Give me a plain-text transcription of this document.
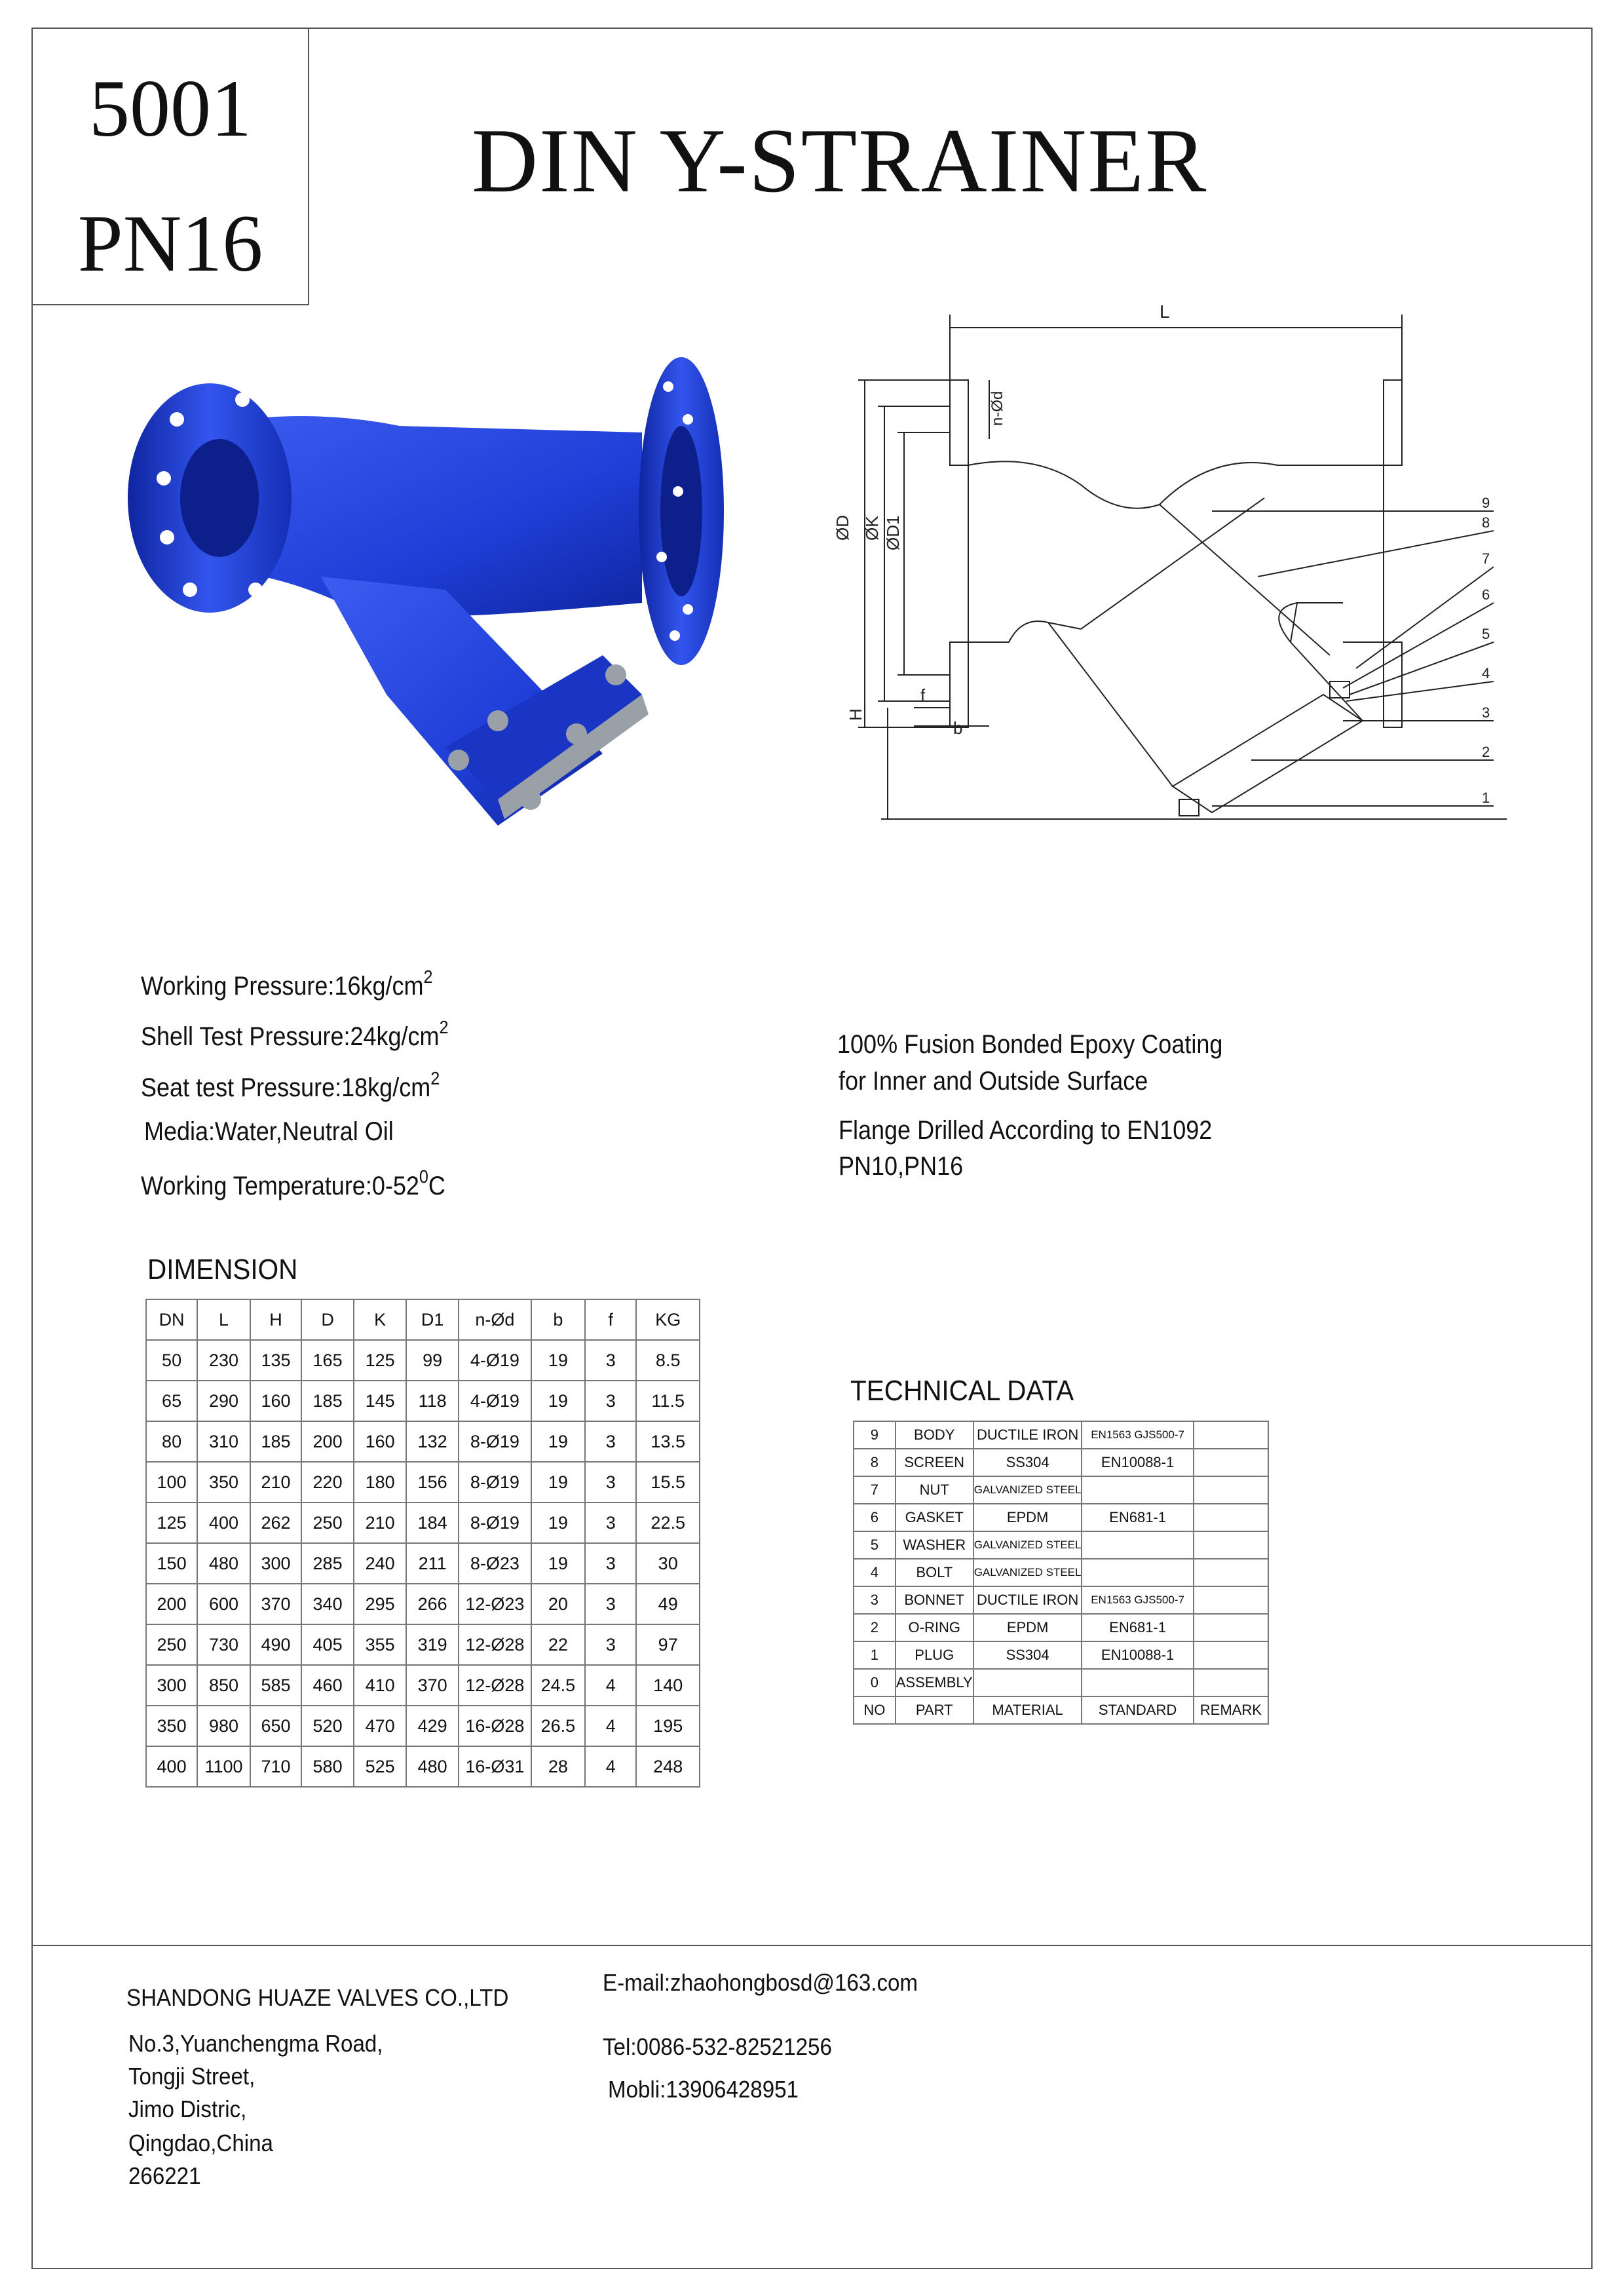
5001
PN16
DIN Y-STRAINER
L
ØD ØK ØD1
n-Ød
H
f
b
9
8
7
6
5
4
3
2
1
Working $Pressure:16kg/cm^2$
Shell Test $Pressure:24kg/cm^2$
Seat test $Pressure:18kg/cm^2$
Media:Water,Neutral Oil
Working $Temperature:0-52^0C$
100% Fusion Bonded Epoxy Coating
for Inner and Outside Surface
Flange Drilled According to EN1092
PN10,PN16
DIMENSION
DN	L	H	D	K	D1	n-Ød	b	f	KG
50	230	135	165	125	99	4-Ø19	19	3	8.5
65	290	160	185	145	118	4-Ø19	19	3	11.5
80	310	185	200	160	132	8-Ø19	19	3	13.5
100	350	210	220	180	156	8-Ø19	19	3	15.5
125	400	262	250	210	184	8-Ø19	19	3	22.5
150	480	300	285	240	211	8-Ø23	19	3	30
200	600	370	340	295	266	12-Ø23	20	3	49
250	730	490	405	355	319	12-Ø28	22	3	97
300	850	585	460	410	370	12-Ø28	24.5	4	140
350	980	650	520	470	429	16-Ø28	26.5	4	195
400	1100	710	580	525	480	16-Ø31	28	4	248
TECHNICAL DATA
9	BODY	DUCTILE IRON	EN1563 GJS500-7	
8	SCREEN	SS304	EN10088-1	
7	NUT	GALVANIZED STEEL		
6	GASKET	EPDM	EN681-1	
5	WASHER	GALVANIZED STEEL		
4	BOLT	GALVANIZED STEEL		
3	BONNET	DUCTILE IRON	EN1563 GJS500-7	
2	O-RING	EPDM	EN681-1	
1	PLUG	SS304	EN10088-1	
0	ASSEMBLY			
NO	PART	MATERIAL	STANDARD	REMARK
SHANDONG HUAZE VALVES CO.,LTD
No.3,Yuanchengma Road,
Tongji Street,
Jimo Distric,
Qingdao,China
266221
E-mail:zhaohongbosd@163.com
Tel:0086-532-82521256
Mobli:13906428951
